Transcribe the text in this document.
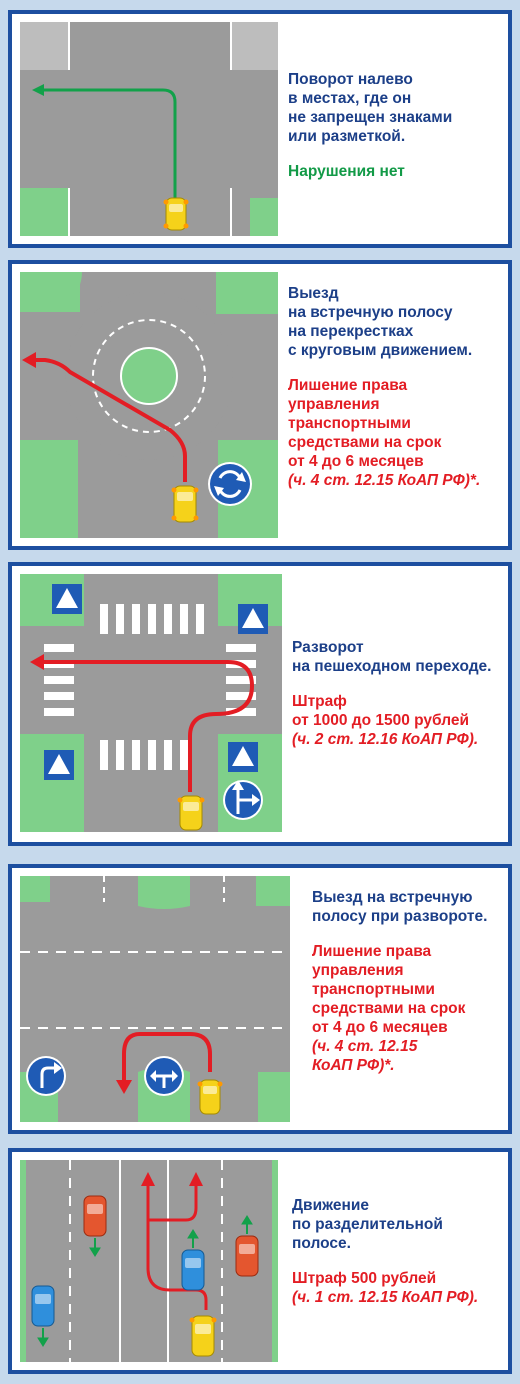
Поворот налево
в местах, где он
не запрещен знаками
или разметкой.
Нарушения нет
Выезд
на встречную полосу
на перекрестках
с круговым движением.
Лишение права
управления
транспортными
средствами на срок
от 4 до 6 месяцев
(ч. 4 ст. 12.15 КоАП РФ)*.
Разворот
на пешеходном переходе.
Штраф
от 1000 до 1500 рублей
(ч. 2 ст. 12.16 КоАП РФ).
Выезд на встречную
полосу при развороте.
Лишение права
управления
транспортными
средствами на срок
от 4 до 6 месяцев
(ч. 4 ст. 12.15
КоАП РФ)*.
Движение
по разделительной
полосе.
Штраф 500 рублей
(ч. 1 ст. 12.15 КоАП РФ).
